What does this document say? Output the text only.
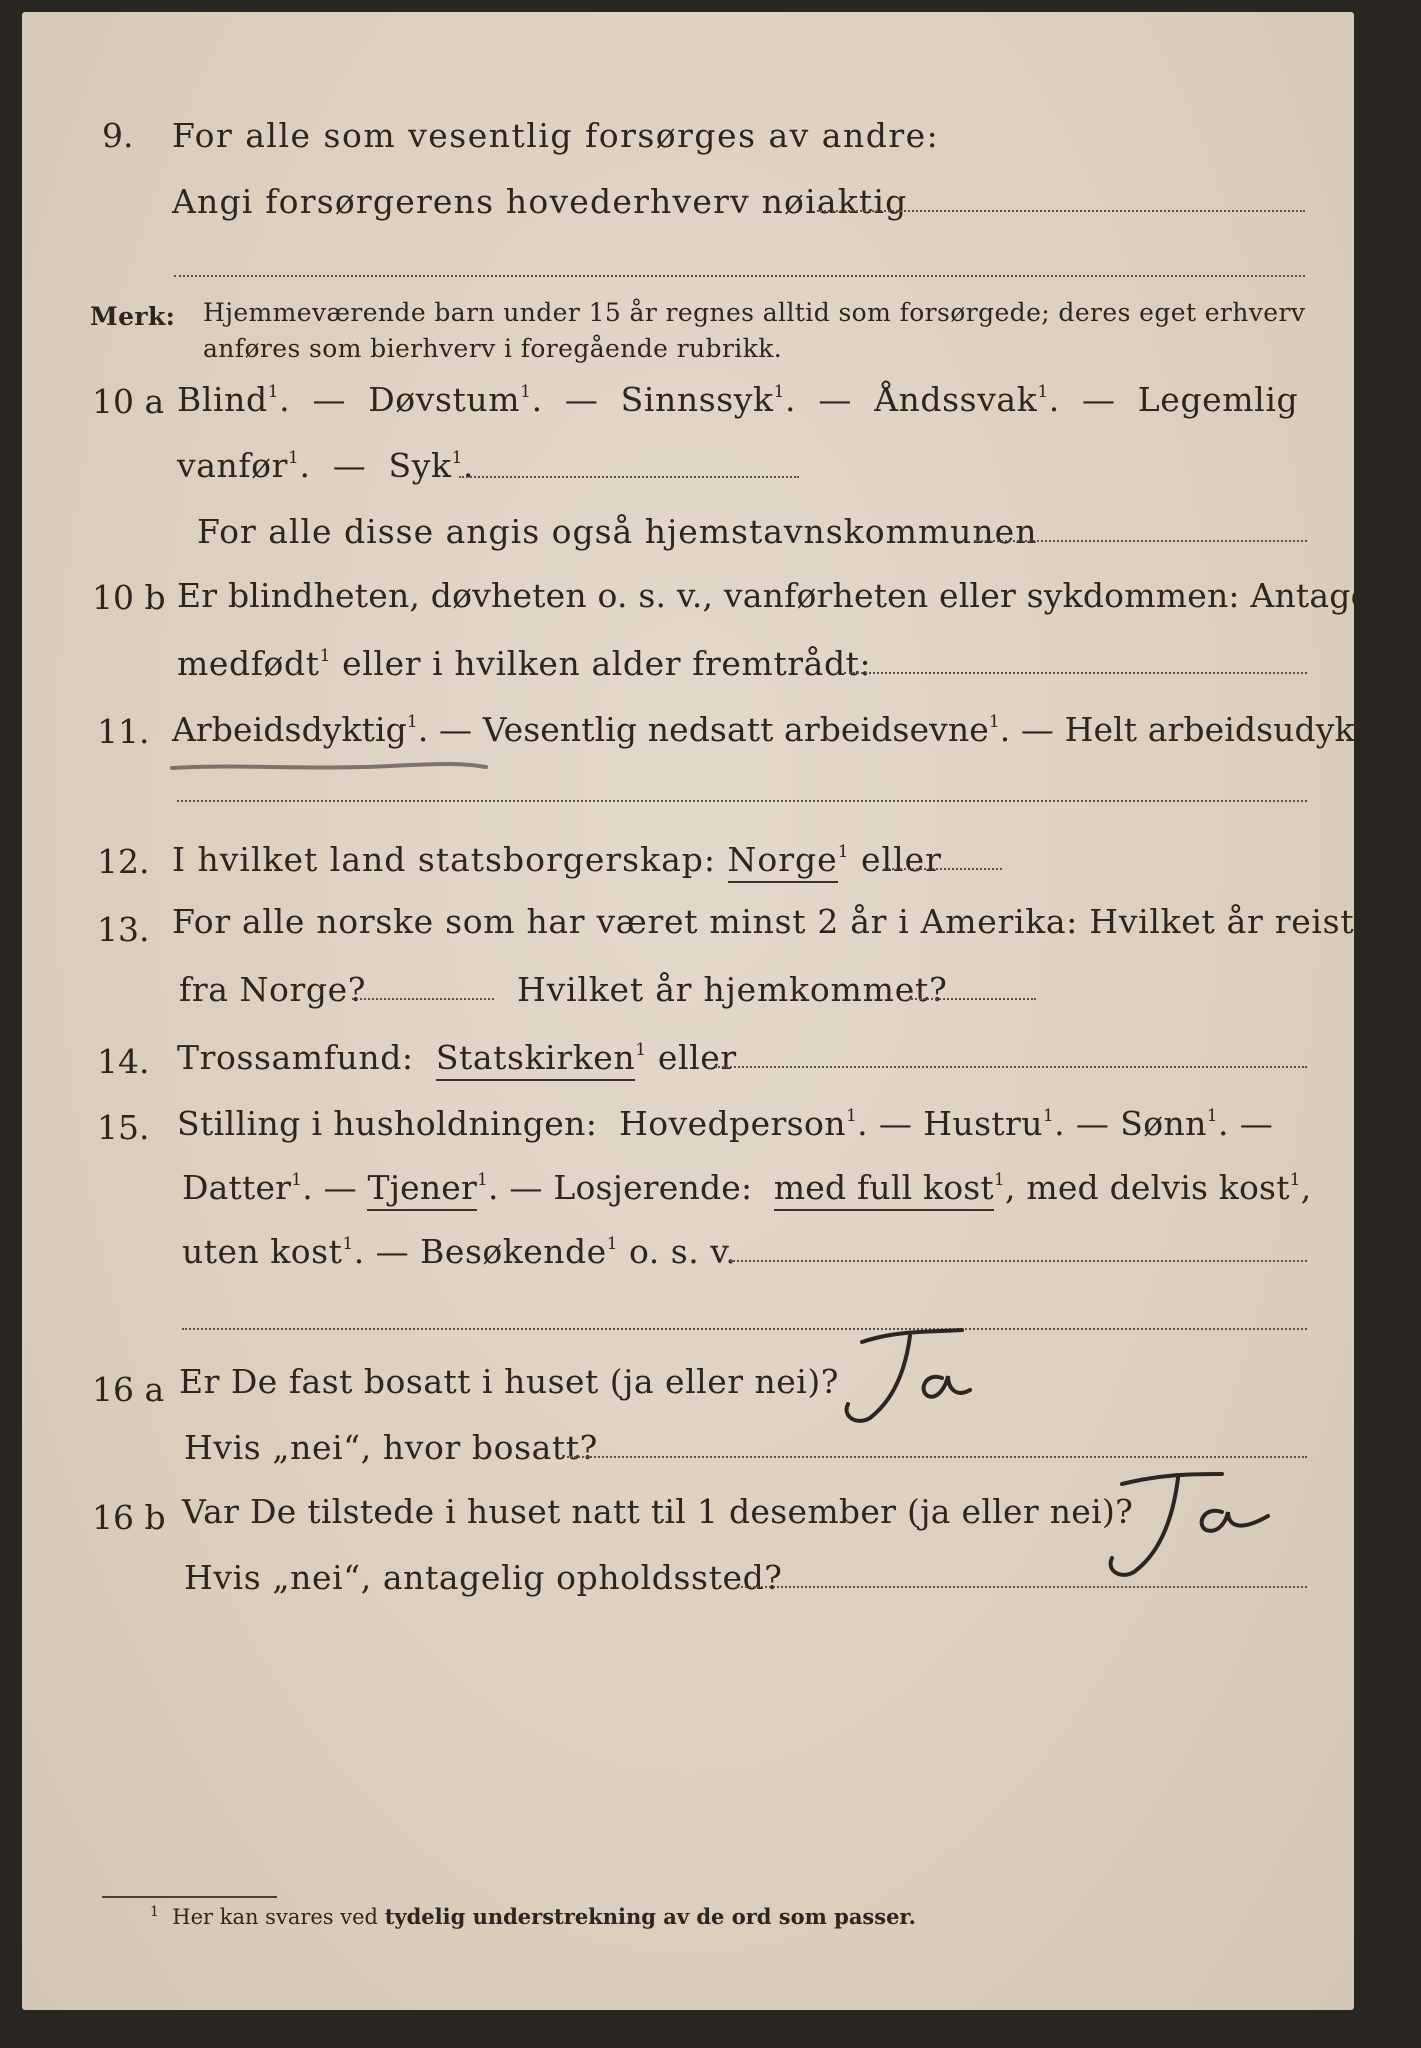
9. For alle som vesentlig forsørges av andre:
Angi forsørgerens hovederhverv nøiaktig
Merk: Hjemmeværende barn under 15 år regnes alltid som forsørgede; deres eget erhverv
anføres som bierhverv i foregående rubrikk.
10 a Blind$^1$.  —  Døvstum$^1$.  —  Sinnssyk$^1$.  —  Åndssvak$^1$.  —  Legemlig
vanfør$^1$.  —  Syk$^1$.
For alle disse angis også hjemstavnskommunen
10 b Er blindheten, døvheten o. s. v., vanførheten eller sykdommen: Antagelig
medfødt$^1$ eller i hvilken alder fremtrådt:
11. Arbeidsdyktig$^1$. — Vesentlig nedsatt arbeidsevne$^1$. — Helt arbeidsudyktig$^1$.
12. I hvilket land statsborgerskap: Norge$^1$ eller
13. For alle norske som har været minst 2 år i Amerika: Hvilket år reist
fra Norge?	Hvilket år hjemkommet?
14. Trossamfund: Statskirken$^1$ eller
15. Stilling i husholdningen: Hovedperson$^1$. — Hustru$^1$. — Sønn$^1$. —
Datter$^1$. — Tjener$^1$. — Losjerende: med full kost$^1$, med delvis kost$^1$,
uten kost$^1$. — Besøkende$^1$ o. s. v.
16 a Er De fast bosatt i huset (ja eller nei)?
Hvis „nei“, hvor bosatt?
16 b Var De tilstede i huset natt til 1 desember (ja eller nei)?
Hvis „nei“, antagelig opholdssted?
$^1$ Her kan svares ved tydelig understrekning av de ord som passer.
